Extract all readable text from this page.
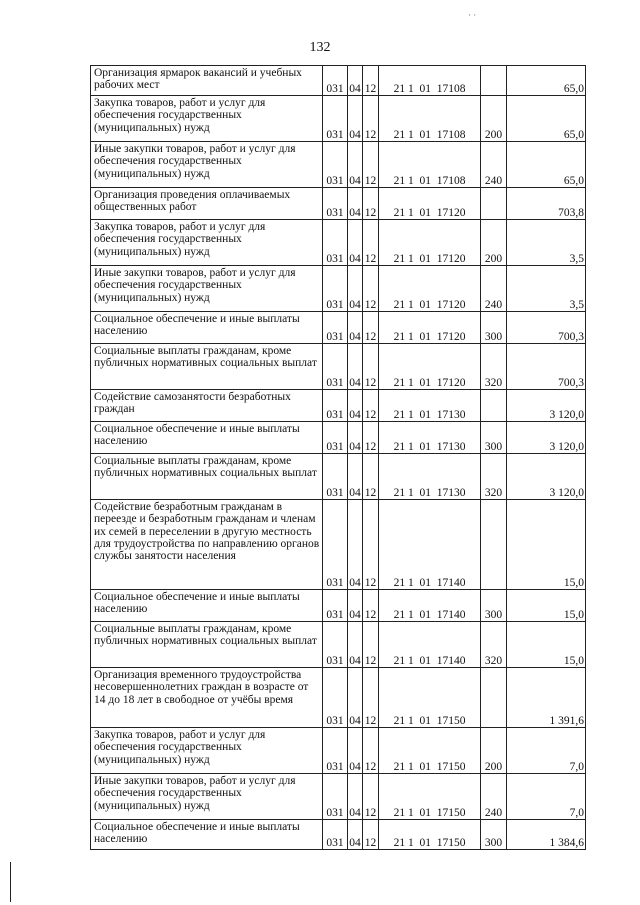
· ·
132
Организация ярмарок вакансий и учебных рабочих мест	031	04	12	21 1 01 17108		65,0
Закупка товаров, работ и услуг для обеспечения государственных (муниципальных) нужд	031	04	12	21 1 01 17108	200	65,0
Иные закупки товаров, работ и услуг для обеспечения государственных (муниципальных) нужд	031	04	12	21 1 01 17108	240	65,0
Организация проведения оплачиваемых общественных работ	031	04	12	21 1 01 17120		703,8
Закупка товаров, работ и услуг для обеспечения государственных (муниципальных) нужд	031	04	12	21 1 01 17120	200	3,5
Иные закупки товаров, работ и услуг для обеспечения государственных (муниципальных) нужд	031	04	12	21 1 01 17120	240	3,5
Социальное обеспечение и иные выплаты населению	031	04	12	21 1 01 17120	300	700,3
Социальные выплаты гражданам, кроме публичных нормативных социальных выплат	031	04	12	21 1 01 17120	320	700,3
Содействие самозанятости безработных граждан	031	04	12	21 1 01 17130		3 120,0
Социальное обеспечение и иные выплаты населению	031	04	12	21 1 01 17130	300	3 120,0
Социальные выплаты гражданам, кроме публичных нормативных социальных выплат	031	04	12	21 1 01 17130	320	3 120,0
Содействие безработным гражданам в переезде и безработным гражданам и членам их семей в переселении в другую местность для трудоустройства по направлению органов службы занятости населения	031	04	12	21 1 01 17140		15,0
Социальное обеспечение и иные выплаты населению	031	04	12	21 1 01 17140	300	15,0
Социальные выплаты гражданам, кроме публичных нормативных социальных выплат	031	04	12	21 1 01 17140	320	15,0
Организация временного трудоустройства несовершеннолетних граждан в возрасте от 14 до 18 лет в свободное от учёбы время	031	04	12	21 1 01 17150		1 391,6
Закупка товаров, работ и услуг для обеспечения государственных (муниципальных) нужд	031	04	12	21 1 01 17150	200	7,0
Иные закупки товаров, работ и услуг для обеспечения государственных (муниципальных) нужд	031	04	12	21 1 01 17150	240	7,0
Социальное обеспечение и иные выплаты населению	031	04	12	21 1 01 17150	300	1 384,6
